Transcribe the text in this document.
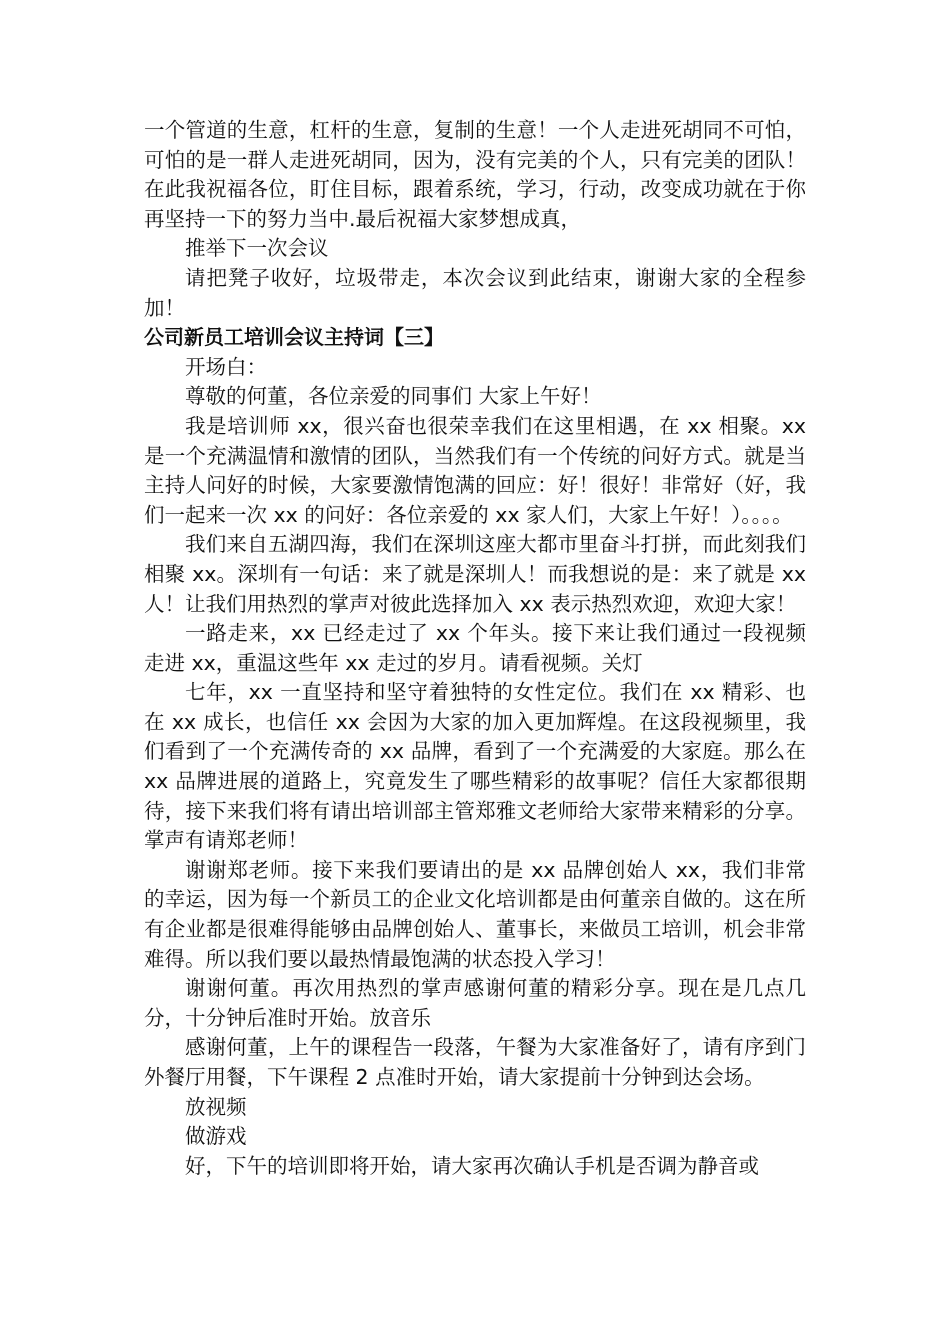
一个管道的生意，杠杆的生意，复制的生意！一个人走进死胡同不可怕，可怕的是一群人走进死胡同，因为，没有完美的个人，只有完美的团队！在此我祝福各位，盯住目标，跟着系统，学习，行动，改变成功就在于你再坚持一下的努力当中.最后祝福大家梦想成真，

推举下一次会议

请把凳子收好，垃圾带走，本次会议到此结束，谢谢大家的全程参加！

公司新员工培训会议主持词【三】

开场白：

尊敬的何董，各位亲爱的同事们 大家上午好！

我是培训师 xx，很兴奋也很荣幸我们在这里相遇，在 xx 相聚。xx 是一个充满温情和激情的团队，当然我们有一个传统的问好方式。就是当主持人问好的时候，大家要激情饱满的回应：好！很好！非常好（好，我们一起来一次 xx 的问好：各位亲爱的 xx 家人们，大家上午好！）。。。。

我们来自五湖四海，我们在深圳这座大都市里奋斗打拼，而此刻我们相聚 xx。深圳有一句话：来了就是深圳人！而我想说的是：来了就是 xx 人！让我们用热烈的掌声对彼此选择加入 xx 表示热烈欢迎，欢迎大家！

一路走来，xx 已经走过了 xx 个年头。接下来让我们通过一段视频走进 xx，重温这些年 xx 走过的岁月。请看视频。关灯

七年，xx 一直坚持和坚守着独特的女性定位。我们在 xx 精彩、也在 xx 成长，也信任 xx 会因为大家的加入更加辉煌。在这段视频里，我们看到了一个充满传奇的 xx 品牌，看到了一个充满爱的大家庭。那么在 xx 品牌进展的道路上，究竟发生了哪些精彩的故事呢？信任大家都很期待，接下来我们将有请出培训部主管郑雅文老师给大家带来精彩的分享。掌声有请郑老师！

谢谢郑老师。接下来我们要请出的是 xx 品牌创始人 xx，我们非常的幸运，因为每一个新员工的企业文化培训都是由何董亲自做的。这在所有企业都是很难得能够由品牌创始人、董事长，来做员工培训，机会非常难得。所以我们要以最热情最饱满的状态投入学习！

谢谢何董。再次用热烈的掌声感谢何董的精彩分享。现在是几点几分，十分钟后准时开始。放音乐

感谢何董，上午的课程告一段落，午餐为大家准备好了，请有序到门外餐厅用餐，下午课程 2 点准时开始，请大家提前十分钟到达会场。

放视频

做游戏

好，下午的培训即将开始，请大家再次确认手机是否调为静音或
